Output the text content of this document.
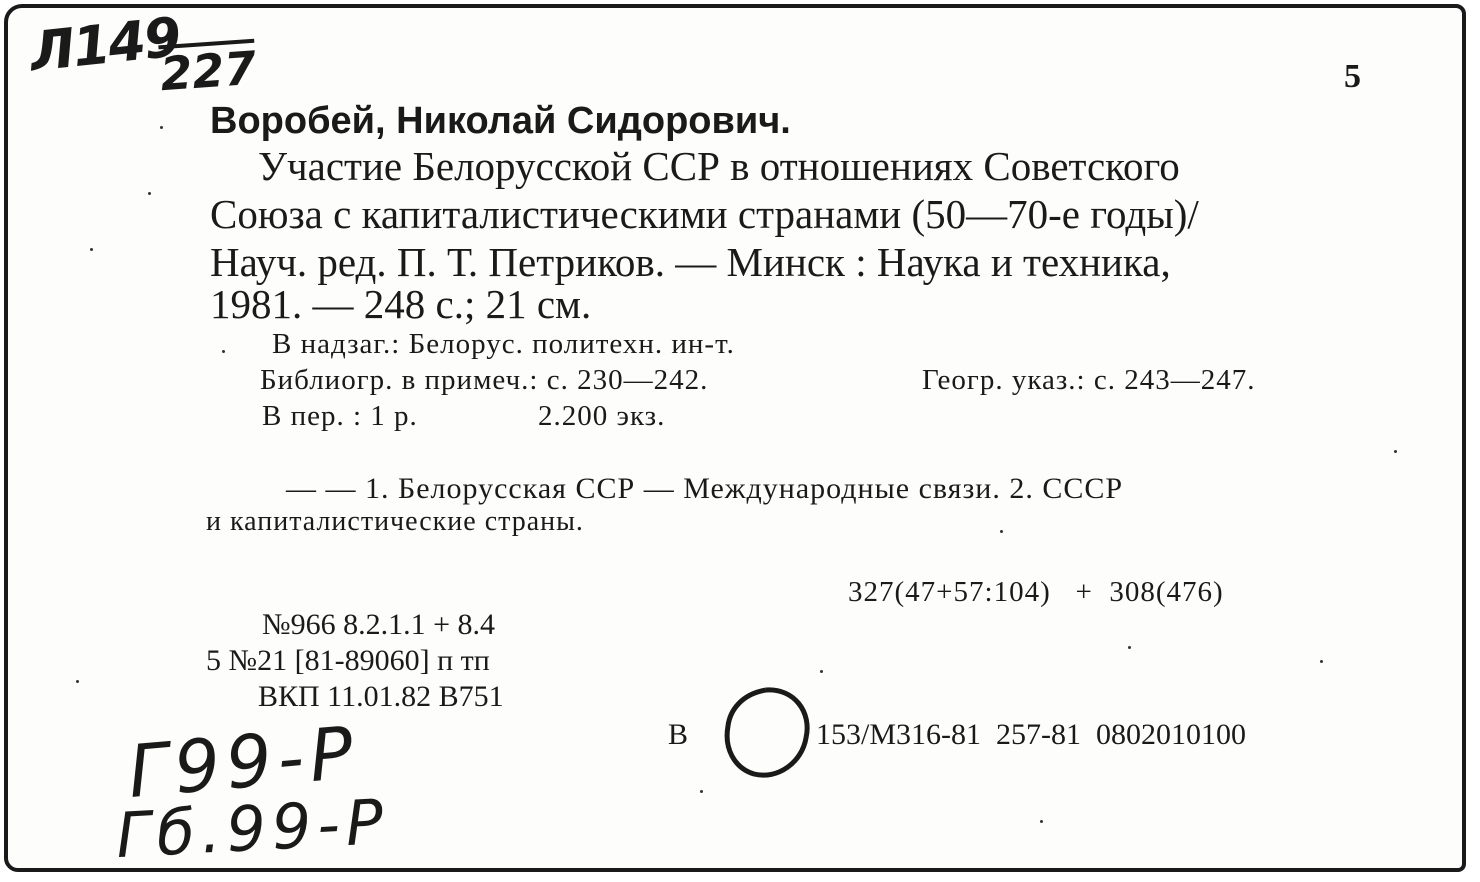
Л149
227	5
Воробей, Николай Сидорович.
Участие Белорусской ССР в отношениях Советского
Союза с капиталистическими странами (50—70-е годы)/
Науч. ред. П. Т. Петриков. — Минск : Наука и техника,
1981. — 248 с.; 21 см.
В надзаг.: Белорус. политехн. ин-т.
Библиогр. в примеч.: с. 230—242.	Геогр. указ.: с. 243—247.
В пер. : 1 р.	2.200 экз.
— — 1. Белорусская ССР — Международные связи. 2. СССР
и капиталистические страны.
327(47+57:104)   +  308(476)
№966 8.2.1.1 + 8.4
5 №21 [81-89060] п тп
ВКП 11.01.82 В751
В	153/М316-81  257-81  0802010100
Г99-Р
Гб.99-Р
